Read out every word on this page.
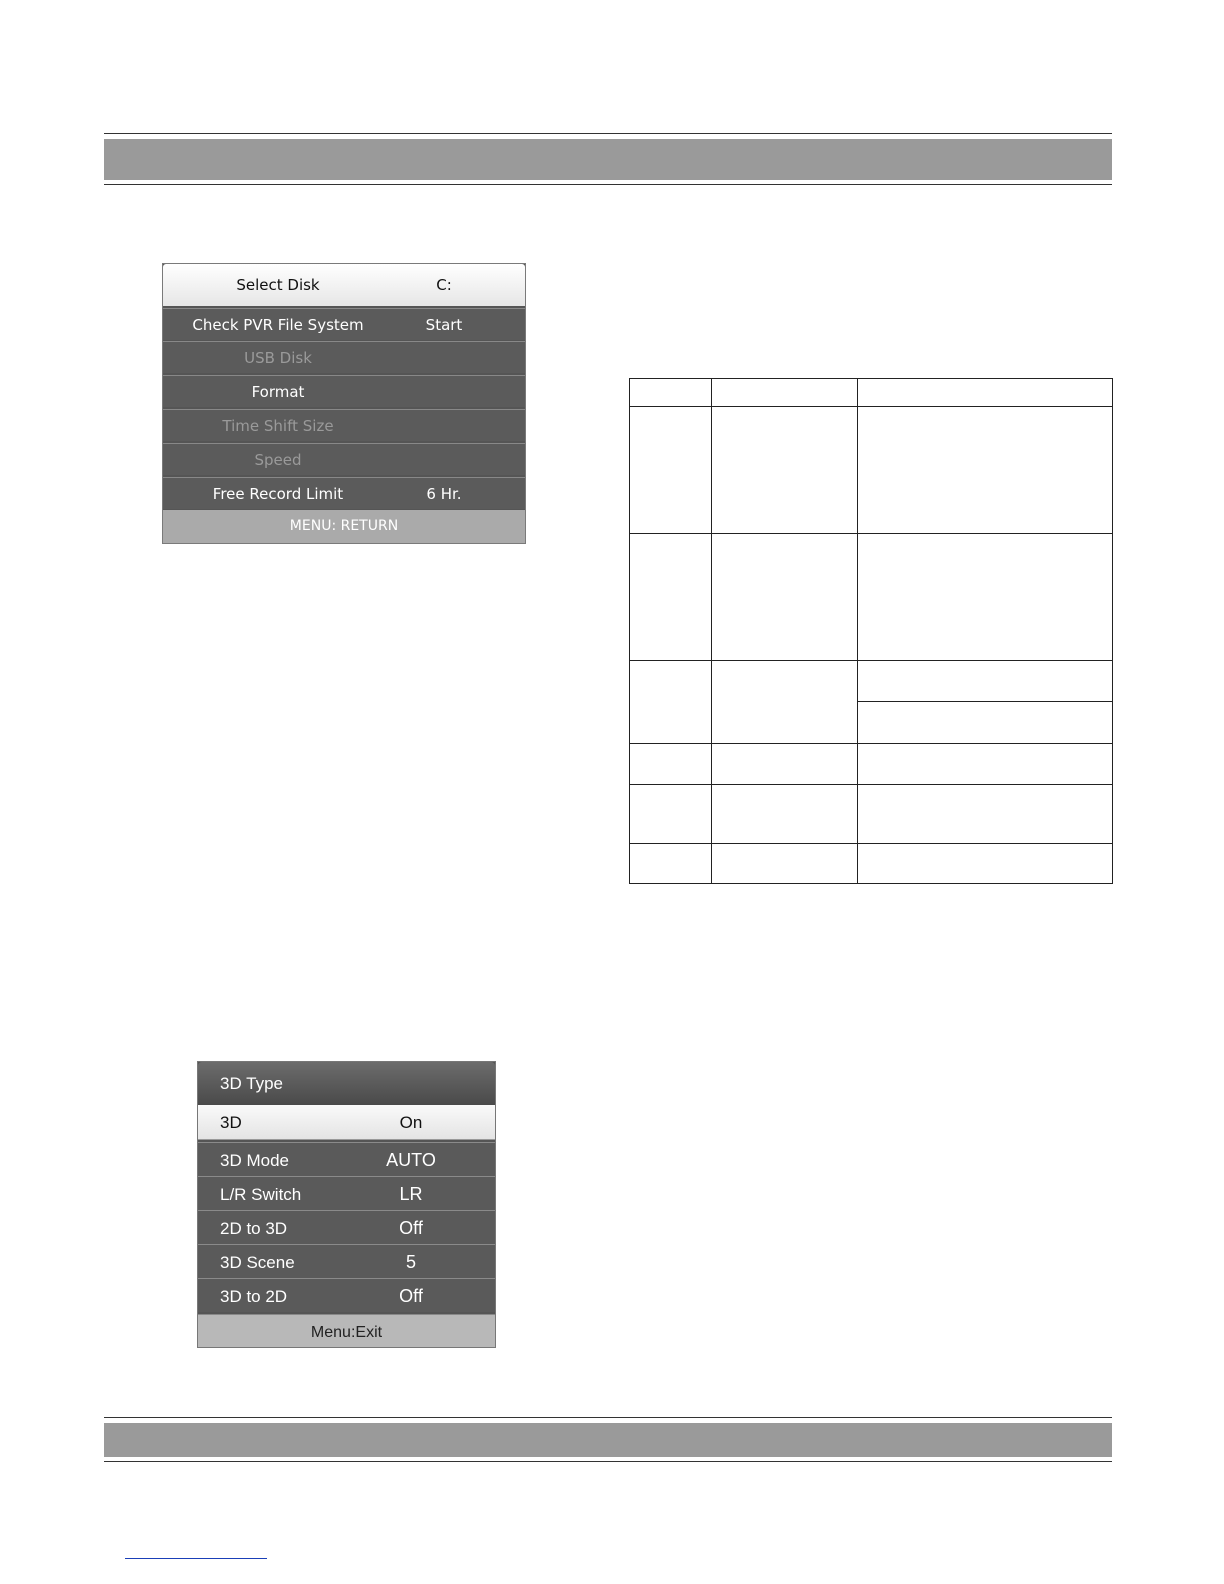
Select Disk	C:
Check PVR File System	Start
USB Disk
Format
Time Shift Size
Speed
Free Record Limit	6 Hr.
MENU: RETURN
3D Type
3D	On
3D Mode	AUTO
L/R Switch	LR
2D to 3D	Off
3D Scene	5
3D to 2D	Off
Menu:Exit
